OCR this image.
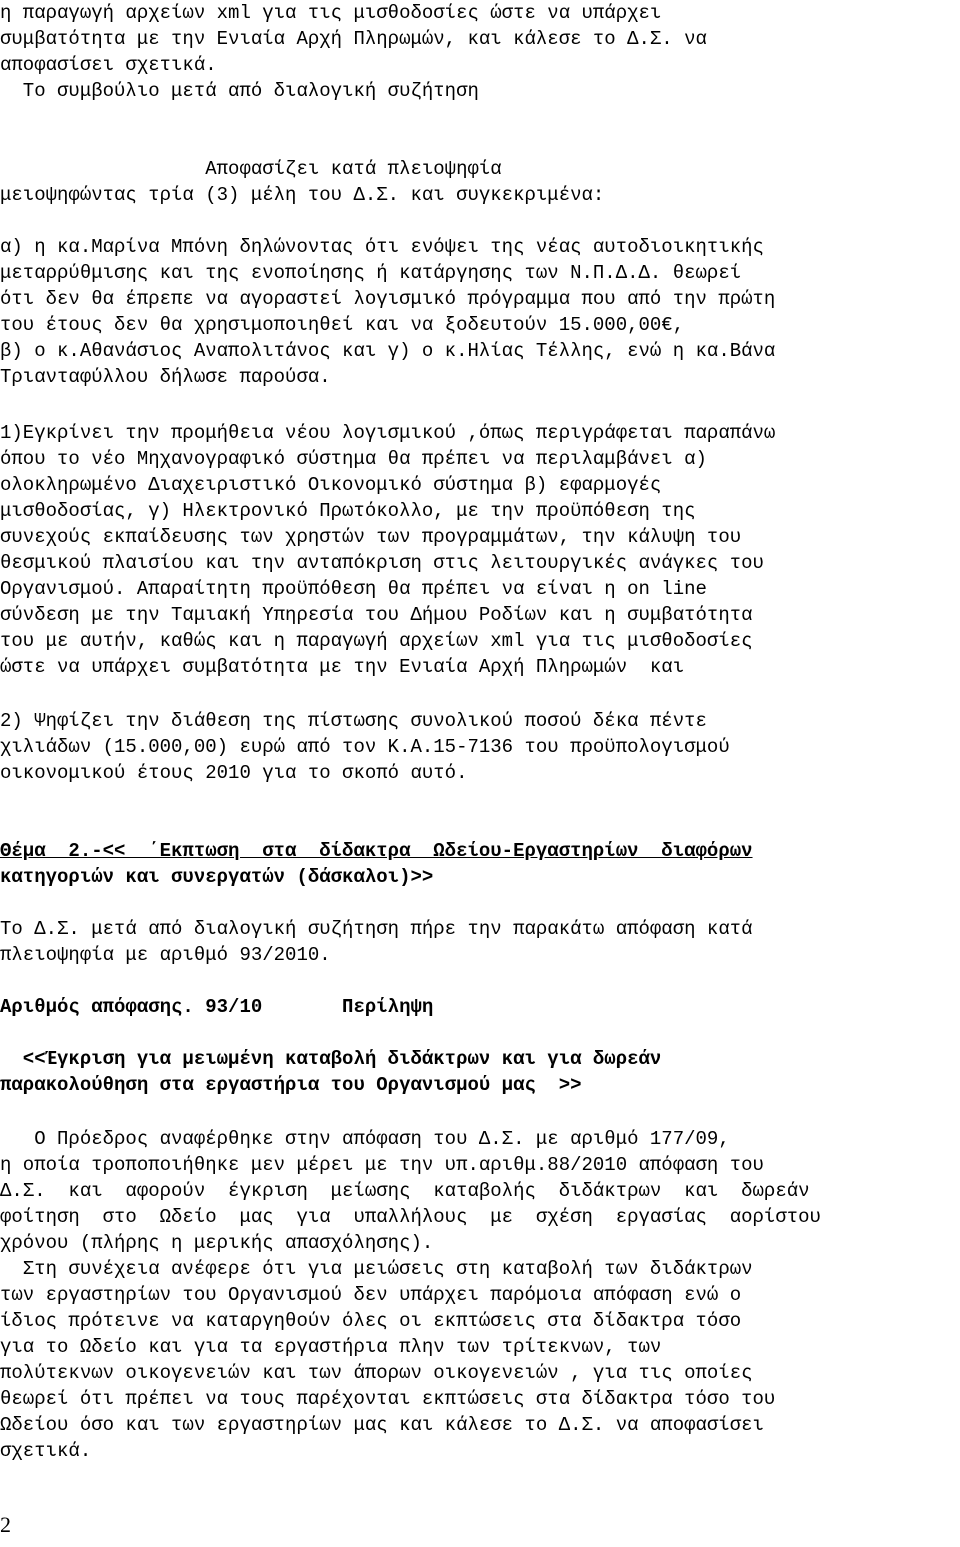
η παραγωγή αρχείων xml για τις μισθοδοσίες ώστε να υπάρχει
συμβατότητα με την Ενιαία Αρχή Πληρωμών, και κάλεσε το Δ.Σ. να
αποφασίσει σχετικά.
Το συμβούλιο μετά από διαλογική συζήτηση
Αποφασίζει κατά πλειοψηφία
μειοψηφώντας τρία (3) μέλη του Δ.Σ. και συγκεκριμένα:
α) η κα.Μαρίνα Μπόνη δηλώνοντας ότι ενόψει της νέας αυτοδιοικητικής
μεταρρύθμισης και της ενοποίησης ή κατάργησης των Ν.Π.Δ.Δ. θεωρεί
ότι δεν θα έπρεπε να αγοραστεί λογισμικό πρόγραμμα που από την πρώτη
του έτους δεν θα χρησιμοποιηθεί και να ξοδευτούν 15.000,00€,
β) ο κ.Αθανάσιος Αναπολιτάνος και γ) ο κ.Ηλίας Τέλλης, ενώ η κα.Βάνα
Τριανταφύλλου δήλωσε παρούσα.
1)Εγκρίνει την προμήθεια νέου λογισμικού ,όπως περιγράφεται παραπάνω
όπου το νέο Μηχανογραφικό σύστημα θα πρέπει να περιλαμβάνει α)
ολοκληρωμένο Διαχειριστικό Οικονομικό σύστημα β) εφαρμογές
μισθοδοσίας, γ) Ηλεκτρονικό Πρωτόκολλο, με την προϋπόθεση της
συνεχούς εκπαίδευσης των χρηστών των προγραμμάτων, την κάλυψη του
θεσμικού πλαισίου και την ανταπόκριση στις λειτουργικές ανάγκες του
Οργανισμού. Απαραίτητη προϋπόθεση θα πρέπει να είναι η on line
σύνδεση με την Ταμιακή Υπηρεσία του Δήμου Ροδίων και η συμβατότητα
του με αυτήν, καθώς και η παραγωγή αρχείων xml για τις μισθοδοσίες
ώστε να υπάρχει συμβατότητα με την Ενιαία Αρχή Πληρωμών  και
2) Ψηφίζει την διάθεση της πίστωσης συνολικού ποσού δέκα πέντε
χιλιάδων (15.000,00) ευρώ από τον Κ.Α.15-7136 του προϋπολογισμού
οικονομικού έτους 2010 για το σκοπό αυτό.
Θέμα  2.-<<  ΄Εκπτωση  στα  δίδακτρα  Ωδείου-Εργαστηρίων  διαφόρων
κατηγοριών και συνεργατών (δάσκαλοι)>>
Το Δ.Σ. μετά από διαλογική συζήτηση πήρε την παρακάτω απόφαση κατά
πλειοψηφία με αριθμό 93/2010.
Αριθμός απόφασης. 93/10       Περίληψη
<<Έγκριση για μειωμένη καταβολή διδάκτρων και για δωρεάν
παρακολούθηση στα εργαστήρια του Οργανισμού μας  >>
Ο Πρόεδρος αναφέρθηκε στην απόφαση του Δ.Σ. με αριθμό 177/09,
η οποία τροποποιήθηκε μεν μέρει με την υπ.αριθμ.88/2010 απόφαση του
Δ.Σ.  και  αφορούν  έγκριση  μείωσης  καταβολής  διδάκτρων  και  δωρεάν
φοίτηση  στο  Ωδείο  μας  για  υπαλλήλους  με  σχέση  εργασίας  αορίστου
χρόνου (πλήρης η μερικής απασχόλησης).
Στη συνέχεια ανέφερε ότι για μειώσεις στη καταβολή των διδάκτρων
των εργαστηρίων του Οργανισμού δεν υπάρχει παρόμοια απόφαση ενώ ο
ίδιος πρότεινε να καταργηθούν όλες οι εκπτώσεις στα δίδακτρα τόσο
για το Ωδείο και για τα εργαστήρια πλην των τρίτεκνων, των
πολύτεκνων οικογενειών και των άπορων οικογενειών , για τις οποίες
θεωρεί ότι πρέπει να τους παρέχονται εκπτώσεις στα δίδακτρα τόσο του
Ωδείου όσο και των εργαστηρίων μας και κάλεσε το Δ.Σ. να αποφασίσει
σχετικά.
2
